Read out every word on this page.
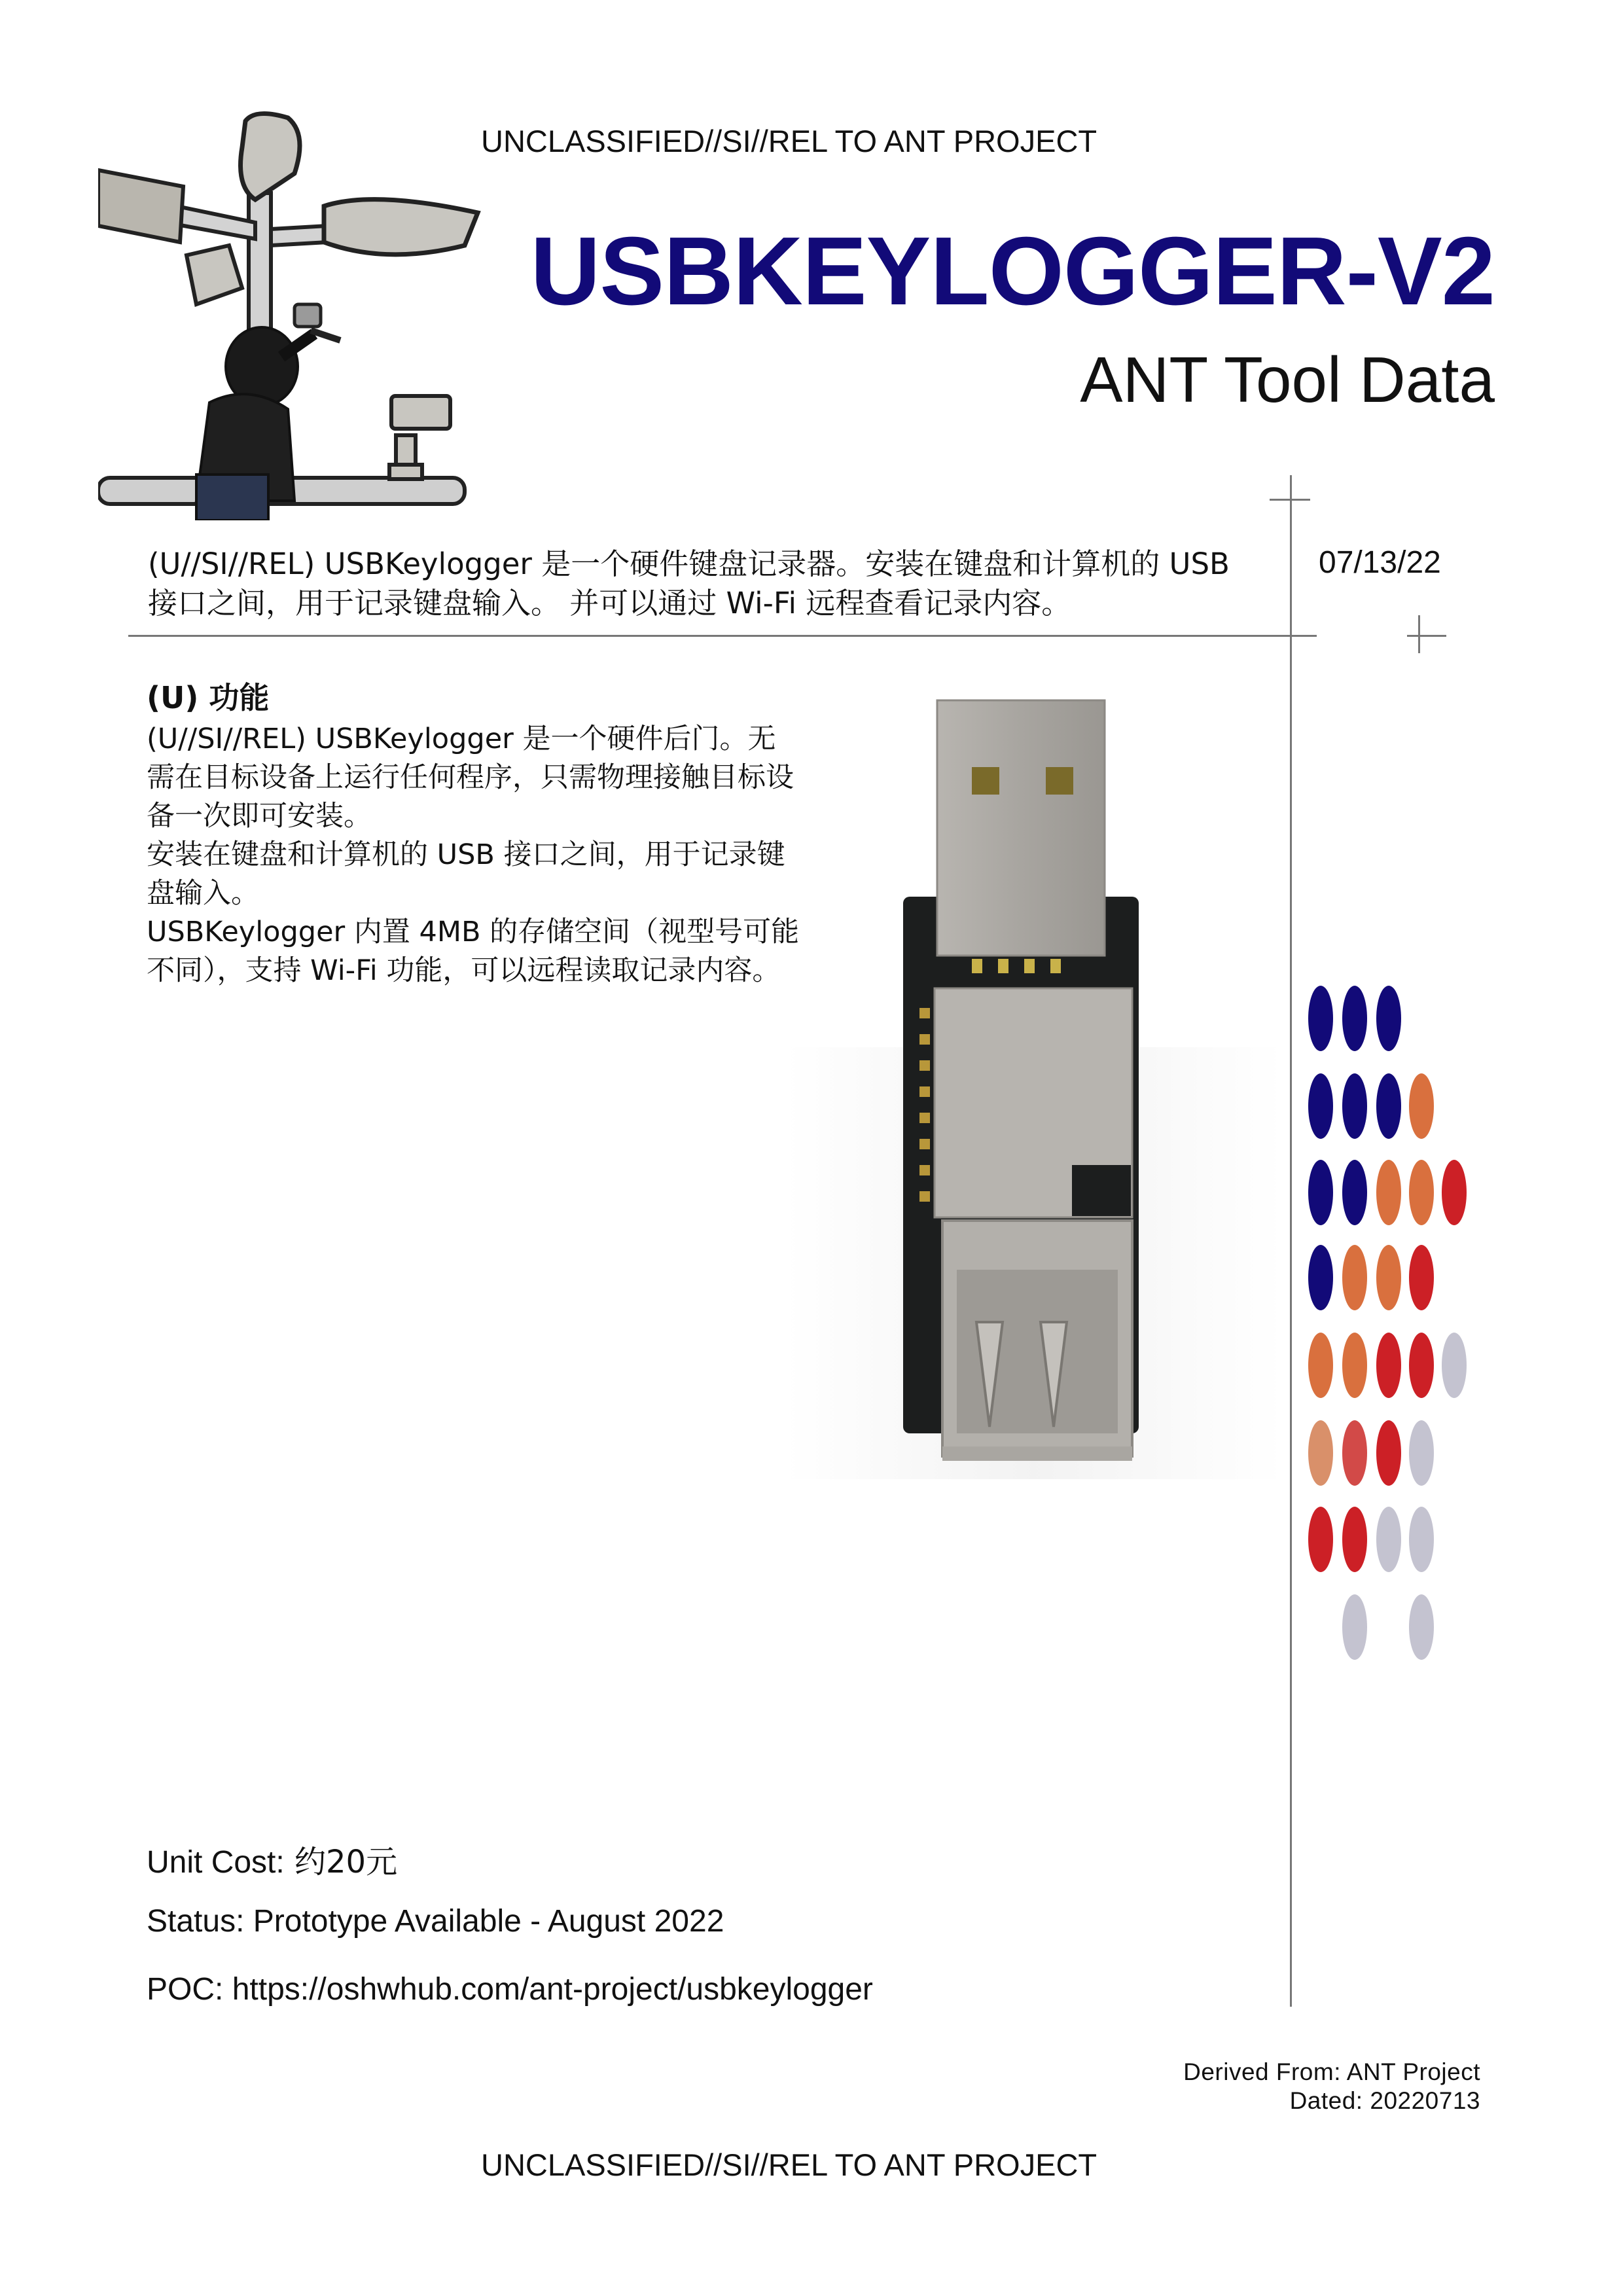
UNCLASSIFIED//SI//REL TO ANT PROJECT
USBKEYLOGGER-V2
ANT Tool Data
(U//SI//REL) USBKeylogger 是一个硬件键盘记录器。安装在键盘和计算机的 USB 接口之间，用于记录键盘输入。 并可以通过 Wi-Fi 远程查看记录内容。
07/13/22
(U) 功能

(U//SI//REL) USBKeylogger 是一个硬件后门。无需在目标设备上运行任何程序，只需物理接触目标设备一次即可安装。

安装在键盘和计算机的 USB 接口之间，用于记录键盘输入。

USBKeylogger 内置 4MB 的存储空间（视型号可能不同），支持 Wi-Fi 功能，可以远程读取记录内容。

Unit Cost: 约20元
Status: Prototype Available - August 2022
POC: https://oshwhub.com/ant-project/usbkeylogger
Derived From: ANT Project
Dated: 20220713
UNCLASSIFIED//SI//REL TO ANT PROJECT
